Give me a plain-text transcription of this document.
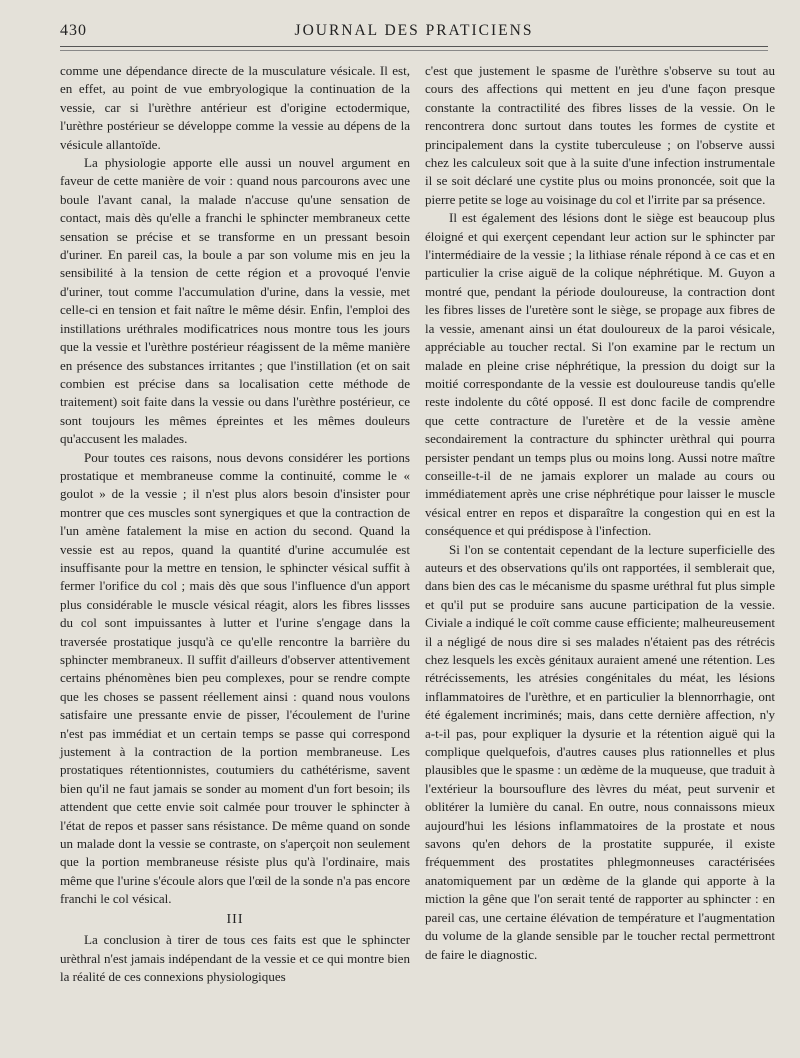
430	JOURNAL DES PRATICIENS

comme une dépendance directe de la musculature vésicale. Il est, en effet, au point de vue embryologique la continuation de la vessie, car si l'urèthre antérieur est d'origine ectodermique, l'urèthre postérieur se développe comme la vessie au dépens de la vésicule allantoïde.

La physiologie apporte elle aussi un nouvel argument en faveur de cette manière de voir : quand nous parcourons avec une boule l'avant canal, la malade n'accuse qu'une sensation de contact, mais dès qu'elle a franchi le sphincter membraneux cette sensation se précise et se transforme en un pressant besoin d'uriner. En pareil cas, la boule a par son volume mis en jeu la sensibilité à la tension de cette région et a provoqué l'envie d'uriner, tout comme l'accumulation d'urine, dans la vessie, met celle-ci en tension et fait naître le même désir. Enfin, l'emploi des instillations uréthrales modificatrices nous montre tous les jours que la vessie et l'urèthre postérieur réagissent de la même manière en présence des substances irritantes ; que l'instillation (et on sait combien est précise dans sa localisation cette méthode de traitement) soit faite dans la vessie ou dans l'urèthre postérieur, ce sont toujours les mêmes épreintes et les mêmes douleurs qu'accusent les malades.

Pour toutes ces raisons, nous devons considérer les portions prostatique et membraneuse comme la continuité, comme le « goulot » de la vessie ; il n'est plus alors besoin d'insister pour montrer que ces muscles sont synergiques et que la contraction de l'un amène fatalement la mise en action du second. Quand la vessie est au repos, quand la quantité d'urine accumulée est insuffisante pour la mettre en tension, le sphincter vésical suffit à fermer l'orifice du col ; mais dès que sous l'influence d'un apport plus considérable le muscle vésical réagit, alors les fibres lissses du col sont impuissantes à lutter et l'urine s'engage dans la traversée prostatique jusqu'à ce qu'elle rencontre la barrière du sphincter membraneux. Il suffit d'ailleurs d'observer attentivement certains phénomènes bien peu complexes, pour se rendre compte que les choses se passent réellement ainsi : quand nous voulons satisfaire une pressante envie de pisser, l'écoulement de l'urine n'est pas immédiat et un certain temps se passe qui correspond justement à la contraction de la portion membraneuse. Les prostatiques rétentionnistes, coutumiers du cathétérisme, savent bien qu'il ne faut jamais se sonder au moment d'un fort besoin; ils attendent que cette envie soit calmée pour trouver le sphincter à l'état de repos et passer sans résistance. De même quand on sonde un malade dont la vessie se contraste, on s'aperçoit non seulement que la portion membraneuse résiste plus qu'à l'ordinaire, mais même que l'urine s'écoule alors que l'œil de la sonde n'a pas encore franchi le col vésical.

III

La conclusion à tirer de tous ces faits est que le sphincter urèthral n'est jamais indépendant de la vessie et ce qui montre bien la réalité de ces connexions physiologiques

c'est que justement le spasme de l'urèthre s'observe su tout au cours des affections qui mettent en jeu d'une façon presque constante la contractilité des fibres lisses de la vessie. On le rencontrera donc surtout dans toutes les formes de cystite et principalement dans la cystite tuberculeuse ; on l'observe aussi chez les calculeux soit que à la suite d'une infection instrumentale il se soit déclaré une cystite plus ou moins prononcée, soit que la pierre petite se loge au voisinage du col et l'irrite par sa présence.

Il est également des lésions dont le siège est beaucoup plus éloigné et qui exerçent cependant leur action sur le sphincter par l'intermédiaire de la vessie ; la lithiase rénale répond à ce cas et en particulier la crise aiguë de la colique néphrétique. M. Guyon a montré que, pendant la période douloureuse, la contraction dont les fibres lisses de l'uretère sont le siège, se propage aux fibres de la vessie, amenant ainsi un état douloureux de la paroi vésicale, appréciable au toucher rectal. Si l'on examine par le rectum un malade en pleine crise néphrétique, la pression du doigt sur la moitié correspondante de la vessie est douloureuse tandis qu'elle reste indolente du côté opposé. Il est donc facile de comprendre que cette contracture de l'uretère et de la vessie amène secondairement la contracture du sphincter urèthral qui pourra persister pendant un temps plus ou moins long. Aussi notre maître conseille-t-il de ne jamais explorer un malade au cours ou immédiatement après une crise néphrétique pour laisser le muscle vésical entrer en repos et disparaître la congestion qui en est la conséquence et qui prédispose à l'infection.

Si l'on se contentait cependant de la lecture superficielle des auteurs et des observations qu'ils ont rapportées, il semblerait que, dans bien des cas le mécanisme du spasme uréthral fut plus simple et qu'il put se produire sans aucune participation de la vessie. Civiale a indiqué le coït comme cause efficiente; malheureusement il a négligé de nous dire si ses malades n'étaient pas des rétrécis chez lesquels les excès génitaux auraient amené une rétention. Les rétrécissements, les atrésies congénitales du méat, les lésions inflammatoires de l'urèthre, et en particulier la blennorrhagie, ont été également incriminés; mais, dans cette dernière affection, n'y a-t-il pas, pour expliquer la dysurie et la rétention aiguë qui la complique quelquefois, d'autres causes plus rationnelles et plus plausibles que le spasme : un œdème de la muqueuse, que traduit à l'extérieur la boursouflure des lèvres du méat, peut survenir et oblitérer la lumière du canal. En outre, nous connaissons mieux aujourd'hui les lésions inflammatoires de la prostate et nous savons qu'en dehors de la prostatite suppurée, il existe fréquemment des prostatites phlegmonneuses caractérisées anatomiquement par un œdème de la glande qui apporte à la miction la gêne que l'on serait tenté de rapporter au sphincter : en pareil cas, une certaine élévation de température et l'augmentation du volume de la glande sensible par le toucher rectal permettront de faire le diagnostic.
